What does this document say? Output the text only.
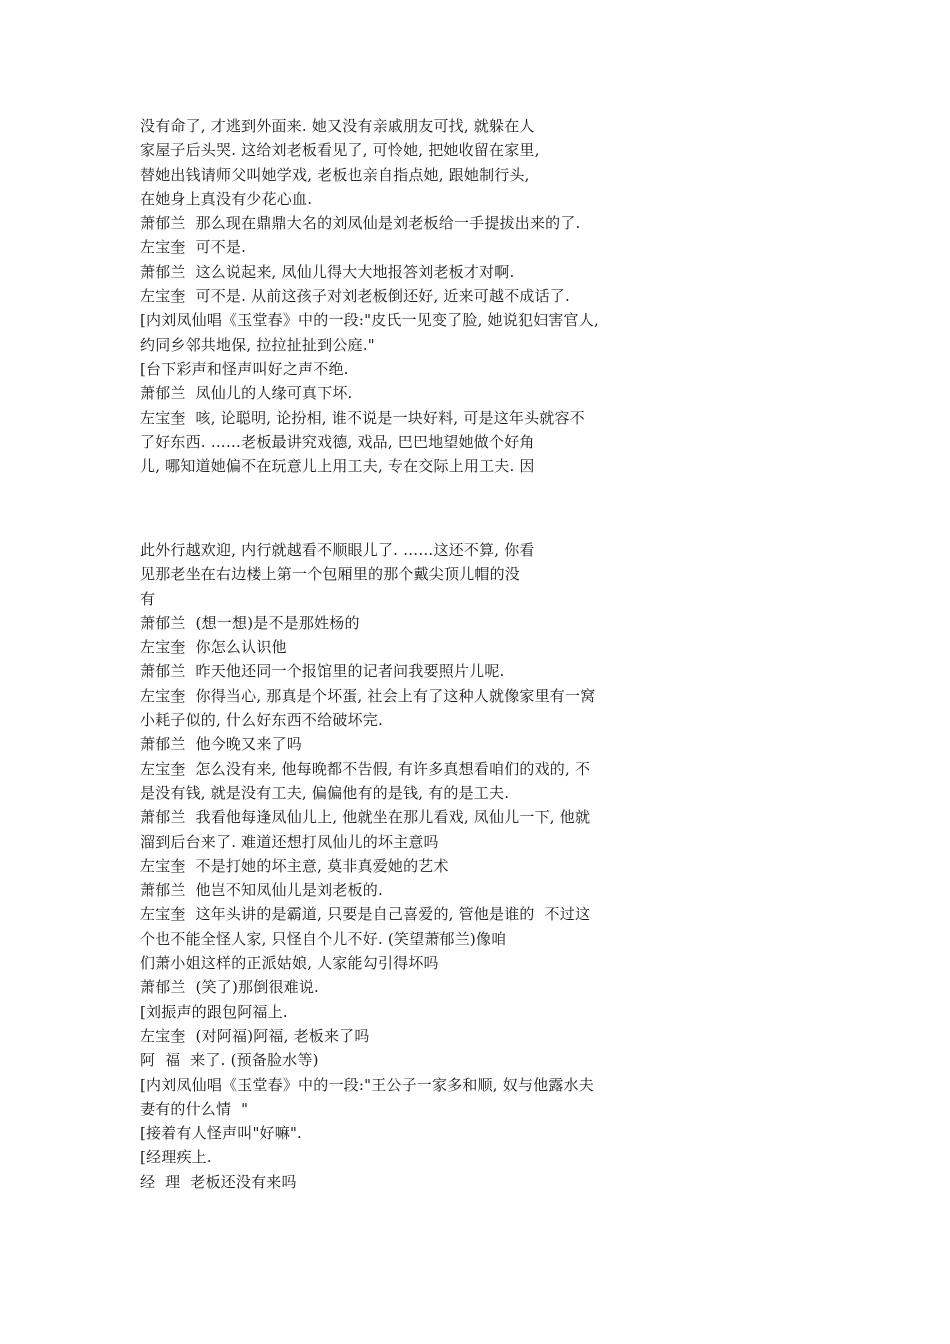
没有命了, 才逃到外面来. 她又没有亲戚朋友可找, 就躲在人
家屋子后头哭. 这给刘老板看见了, 可怜她, 把她收留在家里,
替她出钱请师父叫她学戏, 老板也亲自指点她, 跟她制行头,
在她身上真没有少花心血.
萧郁兰  那么现在鼎鼎大名的刘凤仙是刘老板给一手提拔出来的了.
左宝奎  可不是.
萧郁兰  这么说起来, 凤仙儿得大大地报答刘老板才对啊.
左宝奎  可不是. 从前这孩子对刘老板倒还好, 近来可越不成话了.
[内刘凤仙唱《玉堂春》中的一段:"皮氏一见变了脸, 她说犯妇害官人,
约同乡邻共地保, 拉拉扯扯到公庭."
[台下彩声和怪声叫好之声不绝.
萧郁兰  凤仙儿的人缘可真下坏.
左宝奎  咳, 论聪明, 论扮相, 谁不说是一块好料, 可是这年头就容不
了好东西. ……老板最讲究戏德, 戏品, 巴巴地望她做个好角
儿, 哪知道她偏不在玩意儿上用工夫, 专在交际上用工夫. 因
此外行越欢迎, 内行就越看不顺眼儿了. ……这还不算, 你看
见那老坐在右边楼上第一个包厢里的那个戴尖顶儿帽的没
有
萧郁兰  (想一想)是不是那姓杨的
左宝奎  你怎么认识他
萧郁兰  昨天他还同一个报馆里的记者问我要照片儿呢.
左宝奎  你得当心, 那真是个坏蛋, 社会上有了这种人就像家里有一窝
小耗子似的, 什么好东西不给破坏完.
萧郁兰  他今晚又来了吗
左宝奎  怎么没有来, 他每晚都不告假, 有许多真想看咱们的戏的, 不
是没有钱, 就是没有工夫, 偏偏他有的是钱, 有的是工夫.
萧郁兰  我看他每逢凤仙儿上, 他就坐在那儿看戏, 凤仙儿一下, 他就
溜到后台来了. 难道还想打凤仙儿的坏主意吗
左宝奎  不是打她的坏主意, 莫非真爱她的艺术
萧郁兰  他岂不知凤仙儿是刘老板的.
左宝奎  这年头讲的是霸道, 只要是自己喜爱的, 管他是谁的  不过这
个也不能全怪人家, 只怪自个儿不好. (笑望萧郁兰)像咱
们萧小姐这样的正派姑娘, 人家能勾引得坏吗
萧郁兰  (笑了)那倒很难说.
[刘振声的跟包阿福上.
左宝奎  (对阿福)阿福, 老板来了吗
阿  福  来了. (预备脸水等)
[内刘凤仙唱《玉堂春》中的一段:"王公子一家多和顺, 奴与他露水夫
妻有的什么情  "
[接着有人怪声叫"好嘛".
[经理疾上.
经  理  老板还没有来吗
